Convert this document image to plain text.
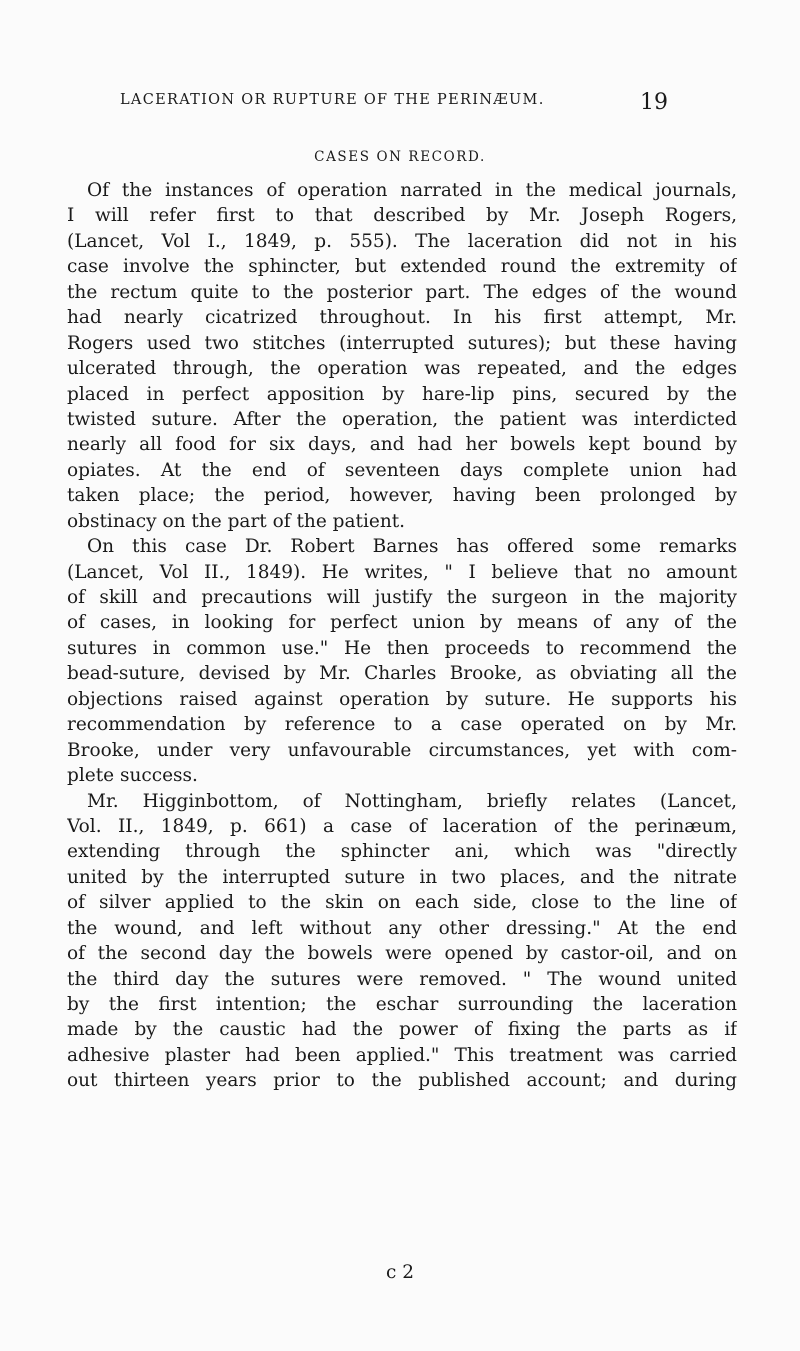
LACERATION OR RUPTURE OF THE PERINÆUM.	19
CASES ON RECORD.
Of the instances of operation narrated in the medical journals,
I will refer first to that described by Mr. Joseph Rogers,
(Lancet, Vol I., 1849, p. 555). The laceration did not in his
case involve the sphincter, but extended round the extremity of
the rectum quite to the posterior part. The edges of the wound
had nearly cicatrized throughout. In his first attempt, Mr.
Rogers used two stitches (interrupted sutures); but these having
ulcerated through, the operation was repeated, and the edges
placed in perfect apposition by hare-lip pins, secured by the
twisted suture. After the operation, the patient was interdicted
nearly all food for six days, and had her bowels kept bound by
opiates. At the end of seventeen days complete union had
taken place; the period, however, having been prolonged by
obstinacy on the part of the patient.
On this case Dr. Robert Barnes has offered some remarks
(Lancet, Vol II., 1849). He writes, " I believe that no amount
of skill and precautions will justify the surgeon in the majority
of cases, in looking for perfect union by means of any of the
sutures in common use." He then proceeds to recommend the
bead-suture, devised by Mr. Charles Brooke, as obviating all the
objections raised against operation by suture. He supports his
recommendation by reference to a case operated on by Mr.
Brooke, under very unfavourable circumstances, yet with com-
plete success.
Mr. Higginbottom, of Nottingham, briefly relates (Lancet,
Vol. II., 1849, p. 661) a case of laceration of the perinæum,
extending through the sphincter ani, which was "directly
united by the interrupted suture in two places, and the nitrate
of silver applied to the skin on each side, close to the line of
the wound, and left without any other dressing." At the end
of the second day the bowels were opened by castor-oil, and on
the third day the sutures were removed. " The wound united
by the first intention; the eschar surrounding the laceration
made by the caustic had the power of fixing the parts as if
adhesive plaster had been applied." This treatment was carried
out thirteen years prior to the published account; and during
c 2
